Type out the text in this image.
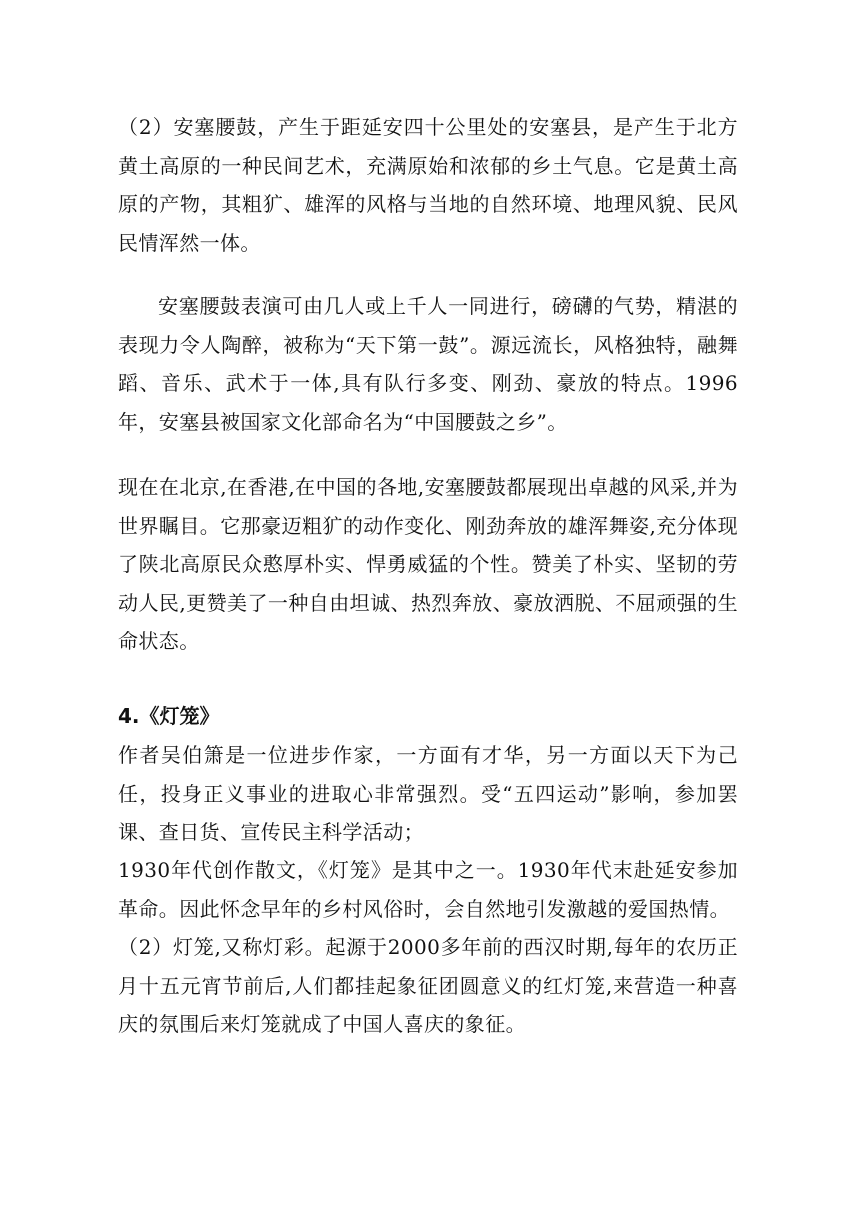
（2）安塞腰鼓，产生于距延安四十公里处的安塞县，是产生于北方黄土高原的一种民间艺术，充满原始和浓郁的乡土气息。它是黄土高原的产物，其粗犷、雄浑的风格与当地的自然环境、地理风貌、民风民情浑然一体。

安塞腰鼓表演可由几人或上千人一同进行，磅礴的气势，精湛的表现力令人陶醉，被称为“天下第一鼓”。源远流长，风格独特，融舞蹈、音乐、武术于一体,具有队行多变、刚劲、豪放的特点。1996年，安塞县被国家文化部命名为“中国腰鼓之乡”。

现在在北京,在香港,在中国的各地,安塞腰鼓都展现出卓越的风采,并为世界瞩目。它那豪迈粗犷的动作变化、刚劲奔放的雄浑舞姿,充分体现了陕北高原民众憨厚朴实、悍勇威猛的个性。赞美了朴实、坚韧的劳动人民,更赞美了一种自由坦诚、热烈奔放、豪放洒脱、不屈顽强的生命状态。

4.《灯笼》

作者吴伯箫是一位进步作家，一方面有才华，另一方面以天下为己任，投身正义事业的进取心非常强烈。受“五四运动”影响，参加罢课、查日货、宣传民主科学活动；

1930年代创作散文，《灯笼》是其中之一。1930年代末赴延安参加革命。因此怀念早年的乡村风俗时，会自然地引发激越的爱国热情。

（2）灯笼,又称灯彩。起源于2000多年前的西汉时期,每年的农历正月十五元宵节前后,人们都挂起象征团圆意义的红灯笼,来营造一种喜庆的氛围后来灯笼就成了中国人喜庆的象征。
